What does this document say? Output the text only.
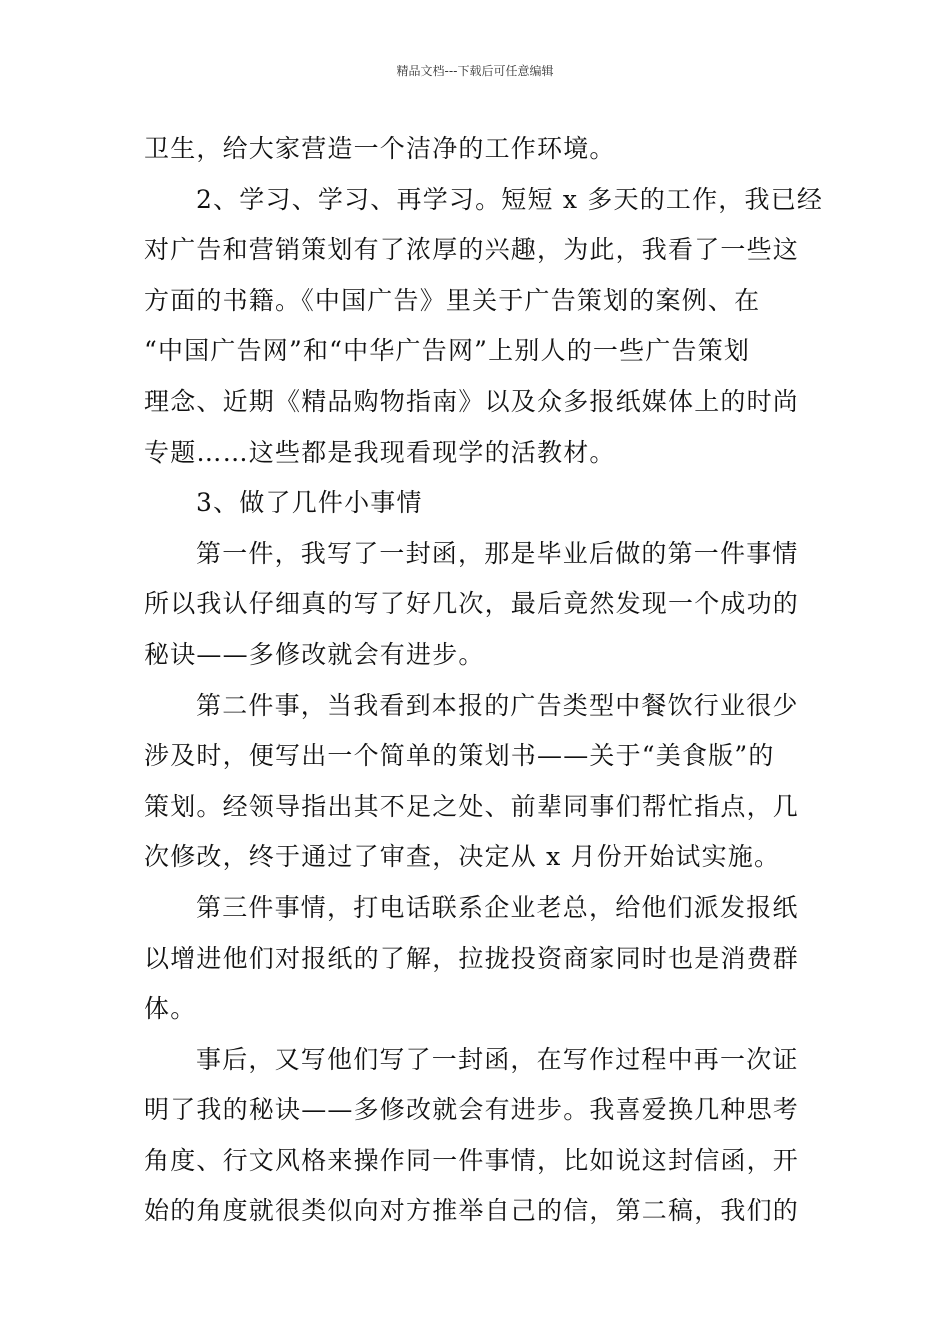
精品文档---下载后可任意编辑
卫生，给大家营造一个洁净的工作环境。
2、学习、学习、再学习。短短 x 多天的工作，我已经
对广告和营销策划有了浓厚的兴趣，为此，我看了一些这
方面的书籍。《中国广告》里关于广告策划的案例、在
“中国广告网”和“中华广告网”上别人的一些广告策划
理念、近期《精品购物指南》以及众多报纸媒体上的时尚
专题……这些都是我现看现学的活教材。
3、做了几件小事情
第一件，我写了一封函，那是毕业后做的第一件事情
所以我认仔细真的写了好几次，最后竟然发现一个成功的
秘诀——多修改就会有进步。
第二件事，当我看到本报的广告类型中餐饮行业很少
涉及时，便写出一个简单的策划书——关于“美食版”的
策划。经领导指出其不足之处、前辈同事们帮忙指点，几
次修改，终于通过了审查，决定从 x 月份开始试实施。
第三件事情，打电话联系企业老总，给他们派发报纸
以增进他们对报纸的了解，拉拢投资商家同时也是消费群
体。
事后，又写他们写了一封函，在写作过程中再一次证
明了我的秘诀——多修改就会有进步。我喜爱换几种思考
角度、行文风格来操作同一件事情，比如说这封信函，开
始的角度就很类似向对方推举自己的信，第二稿，我们的
